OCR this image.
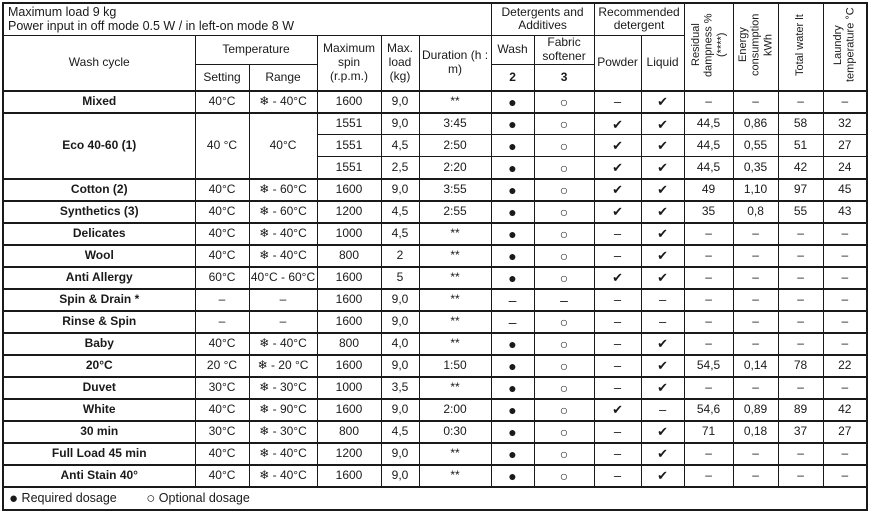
Maximum load 9 kg
Power input in off mode 0.5 W / in left-on mode 8 W						Detergents and Additives		Recommended detergent		Residual dampness % (****)	Energy consumption kWh	Total water lt	Laundry temperature °C
Wash cycle	Temperature		Maximum spin (r.p.m.)	Max. load (kg)	Duration (h : m)	Wash	Fabric softener	Powder	Liquid				
	Setting	Range				2	3						
Mixed	40°C	❄ - 40°C	1600	9,0	**	●	○	–	✔	–	–	–	–
Eco 40-60 (1)	40 °C	40°C	1551	9,0	3:45	●	○	✔	✔	44,5	0,86	58	32
			1551	4,5	2:50	●	○	✔	✔	44,5	0,55	51	27
			1551	2,5	2:20	●	○	✔	✔	44,5	0,35	42	24
Cotton (2)	40°C	❄ - 60°C	1600	9,0	3:55	●	○	✔	✔	49	1,10	97	45
Synthetics (3)	40°C	❄ - 60°C	1200	4,5	2:55	●	○	✔	✔	35	0,8	55	43
Delicates	40°C	❄ - 40°C	1000	4,5	**	●	○	–	✔	–	–	–	–
Wool	40°C	❄ - 40°C	800	2	**	●	○	–	✔	–	–	–	–
Anti Allergy	60°C	40°C - 60°C	1600	5	**	●	○	✔	✔	–	–	–	–
Spin & Drain *	–	–	1600	9,0	**	–	–	–	–	–	–	–	–
Rinse & Spin	–	–	1600	9,0	**	–	○	–	–	–	–	–	–
Baby	40°C	❄ - 40°C	800	4,0	**	●	○	–	✔	–	–	–	–
20°C	20 °C	❄ - 20 °C	1600	9,0	1:50	●	○	–	✔	54,5	0,14	78	22
Duvet	30°C	❄ - 30°C	1000	3,5	**	●	○	–	✔	–	–	–	–
White	40°C	❄ - 90°C	1600	9,0	2:00	●	○	✔	–	54,6	0,89	89	42
30 min	30°C	❄ - 30°C	800	4,5	0:30	●	○	–	✔	71	0,18	37	27
Full Load 45 min	40°C	❄ - 40°C	1200	9,0	**	●	○	–	✔	–	–	–	–
Anti Stain 40°	40°C	❄ - 40°C	1600	9,0	**	●	○	–	✔	–	–	–	–
● Required dosage ○ Optional dosage													
